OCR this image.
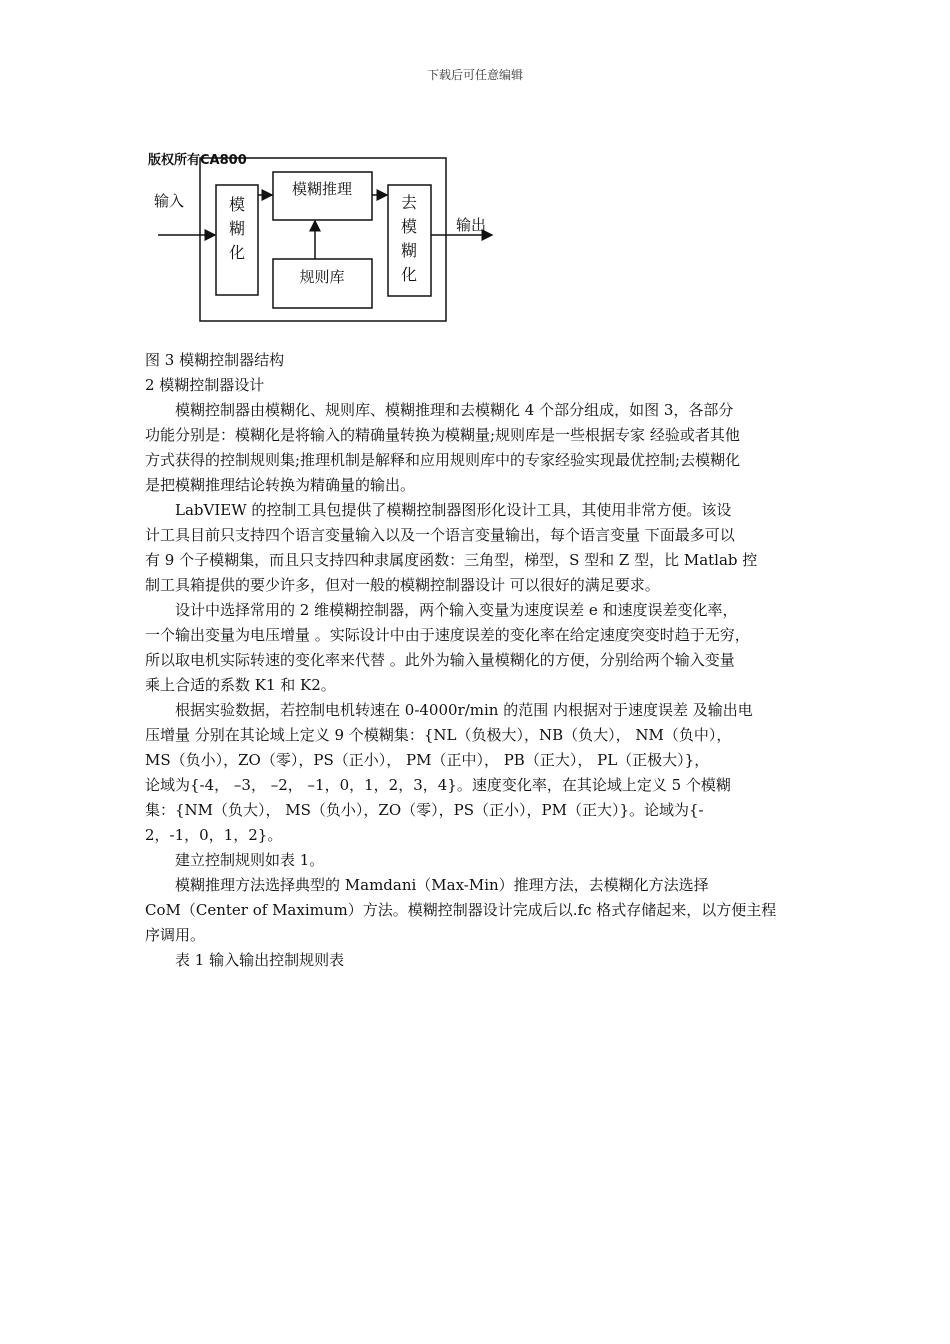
下载后可任意编辑
版权所有CA800
输入	模
糊
化
模糊推理
规则库
去
模
糊
化
输出
图 3 模糊控制器结构
2 模糊控制器设计
模糊控制器由模糊化、规则库、模糊推理和去模糊化 4 个部分组成，如图 3，各部分
功能分别是：模糊化是将输入的精确量转换为模糊量;规则库是一些根据专家 经验或者其他
方式获得的控制规则集;推理机制是解释和应用规则库中的专家经验实现最优控制;去模糊化
是把模糊推理结论转换为精确量的输出。
LabVIEW 的控制工具包提供了模糊控制器图形化设计工具，其使用非常方便。该设
计工具目前只支持四个语言变量输入以及一个语言变量输出，每个语言变量 下面最多可以
有 9 个子模糊集，而且只支持四种隶属度函数：三角型，梯型，S 型和 Z 型，比 Matlab 控
制工具箱提供的要少许多，但对一般的模糊控制器设计 可以很好的满足要求。
设计中选择常用的 2 维模糊控制器，两个输入变量为速度误差 e 和速度误差变化率，
一个输出变量为电压增量 。实际设计中由于速度误差的变化率在给定速度突变时趋于无穷，
所以取电机实际转速的变化率来代替 。此外为输入量模糊化的方便，分别给两个输入变量
乘上合适的系数 K1 和 K2。
根据实验数据，若控制电机转速在 0-4000r/min 的范围 内根据对于速度误差 及输出电
压增量 分别在其论域上定义 9 个模糊集：{NL（负极大），NB（负大）， NM（负中），
MS（负小），ZO（零），PS（正小）， PM（正中）， PB（正大）， PL（正极大）}，
论域为{-4， –3， –2， –1，0，1，2，3，4}。速度变化率，在其论域上定义 5 个模糊
集：{NM（负大）， MS（负小），ZO（零），PS（正小），PM（正大）}。论域为{-
2，-1，0，1，2}。
建立控制规则如表 1。
模糊推理方法选择典型的 Mamdani（Max-Min）推理方法，去模糊化方法选择
CoM（Center of Maximum）方法。模糊控制器设计完成后以.fc 格式存储起来，以方便主程
序调用。
表 1 输入输出控制规则表
